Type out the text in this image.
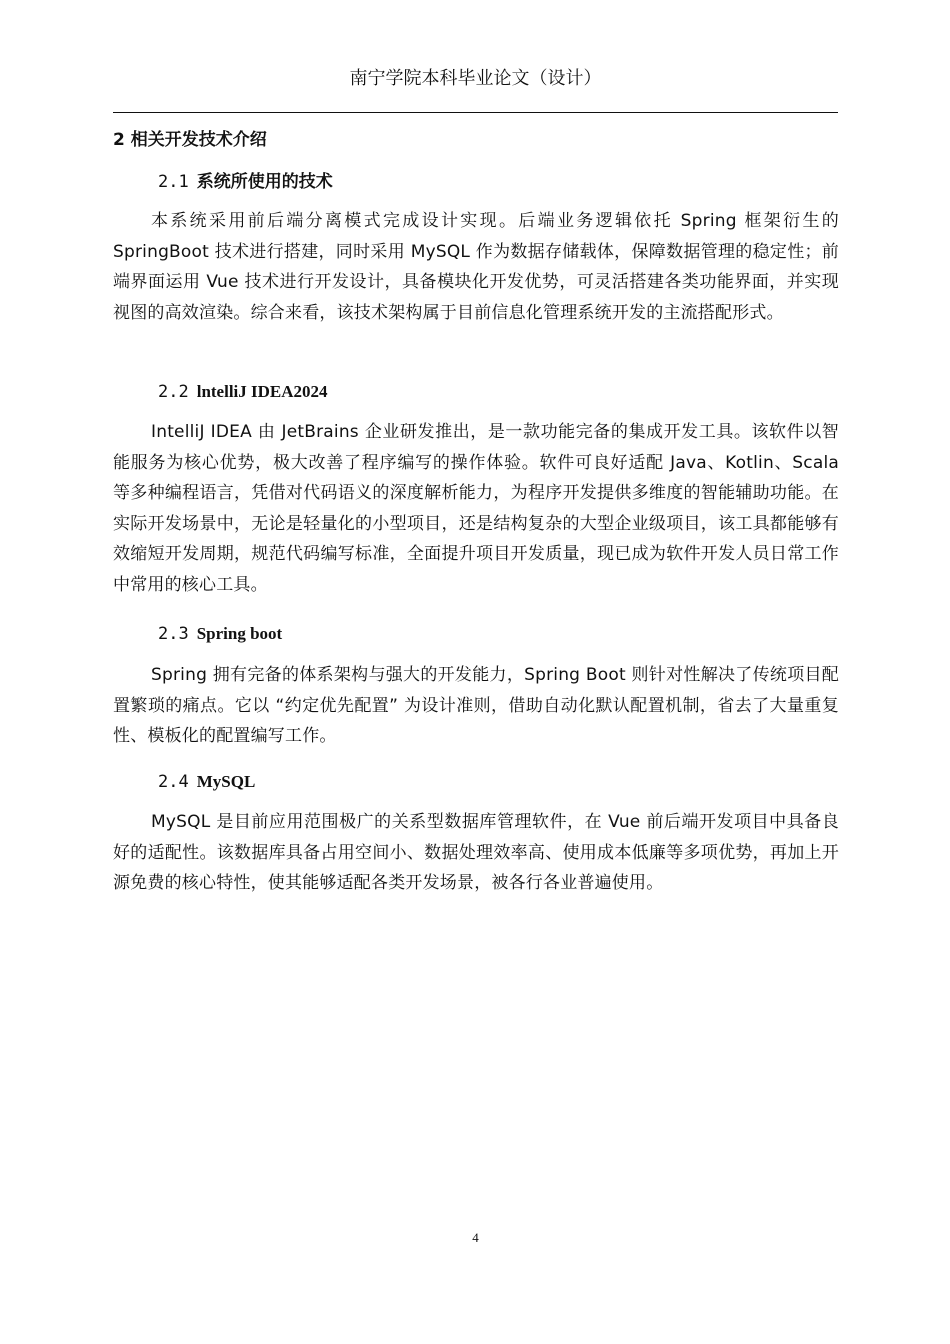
南宁学院本科毕业论文（设计）
2 相关开发技术介绍
2.1 系统所使用的技术

本系统采用前后端分离模式完成设计实现。后端业务逻辑依托 Spring 框架衍生的 SpringBoot 技术进行搭建，同时采用 MySQL 作为数据存储载体，保障数据管理的稳定性；前端界面运用 Vue 技术进行开发设计，具备模块化开发优势，可灵活搭建各类功能界面，并实现视图的高效渲染。综合来看，该技术架构属于目前信息化管理系统开发的主流搭配形式。

2.2 lntelliJ IDEA2024

IntelliJ IDEA 由 JetBrains 企业研发推出，是一款功能完备的集成开发工具。该软件以智能服务为核心优势，极大改善了程序编写的操作体验。软件可良好适配 Java、Kotlin、Scala 等多种编程语言，凭借对代码语义的深度解析能力，为程序开发提供多维度的智能辅助功能。在实际开发场景中，无论是轻量化的小型项目，还是结构复杂的大型企业级项目，该工具都能够有效缩短开发周期，规范代码编写标准，全面提升项目开发质量，现已成为软件开发人员日常工作中常用的核心工具。

2.3 Spring boot

Spring 拥有完备的体系架构与强大的开发能力，Spring Boot 则针对性解决了传统项目配置繁琐的痛点。它以 “约定优先配置” 为设计准则，借助自动化默认配置机制，省去了大量重复性、模板化的配置编写工作。

2.4 MySQL

MySQL 是目前应用范围极广的关系型数据库管理软件，在 Vue 前后端开发项目中具备良好的适配性。该数据库具备占用空间小、数据处理效率高、使用成本低廉等多项优势，再加上开源免费的核心特性，使其能够适配各类开发场景，被各行各业普遍使用。

4
